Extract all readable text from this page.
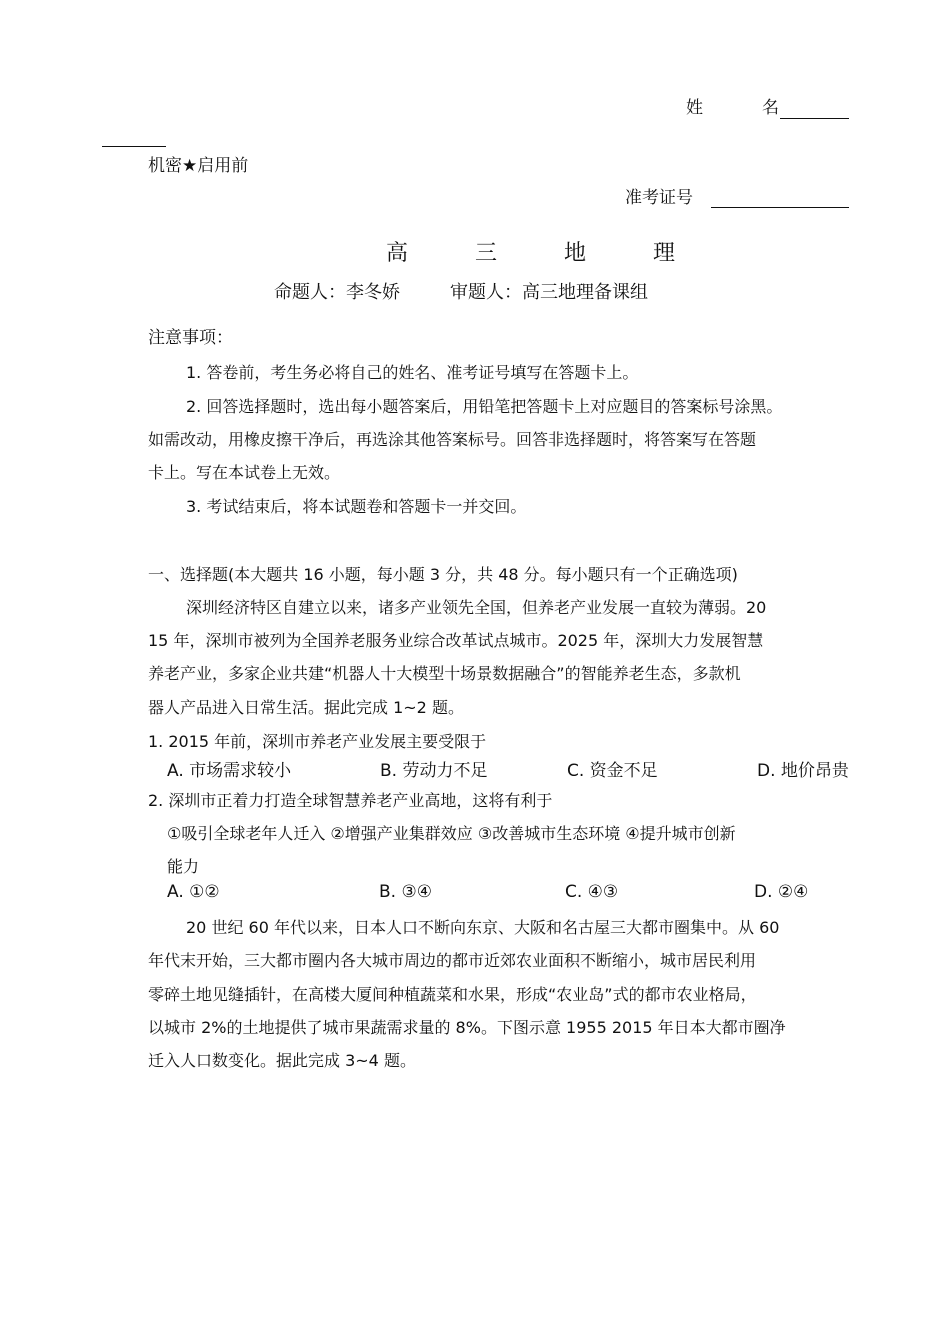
姓	名
机密★启用前
准考证号
高 三 地 理
命题人：李冬娇	审题人：高三地理备课组
注意事项：
1. 答卷前，考生务必将自己的姓名、准考证号填写在答题卡上。
2. 回答选择题时，选出每小题答案后，用铅笔把答题卡上对应题目的答案标号涂黑。
如需改动，用橡皮擦干净后，再选涂其他答案标号。回答非选择题时，将答案写在答题
卡上。写在本试卷上无效。
3. 考试结束后，将本试题卷和答题卡一并交回。
一、选择题(本大题共 16 小题，每小题 3 分，共 48 分。每小题只有一个正确选项)
深圳经济特区自建立以来，诸多产业领先全国，但养老产业发展一直较为薄弱。20
15 年，深圳市被列为全国养老服务业综合改革试点城市。2025 年，深圳大力发展智慧
养老产业，多家企业共建“机器人十大模型十场景数据融合”的智能养老生态，多款机
器人产品进入日常生活。据此完成 1~2 题。
1. 2015 年前，深圳市养老产业发展主要受限于
A. 市场需求较小	B. 劳动力不足	C. 资金不足	D. 地价昂贵
2. 深圳市正着力打造全球智慧养老产业高地，这将有利于
①吸引全球老年人迁入 ②增强产业集群效应 ③改善城市生态环境 ④提升城市创新
能力
A. ①②	B. ③④	C. ④③	D. ②④
20 世纪 60 年代以来，日本人口不断向东京、大阪和名古屋三大都市圈集中。从 60
年代末开始，三大都市圈内各大城市周边的都市近郊农业面积不断缩小，城市居民利用
零碎土地见缝插针，在高楼大厦间种植蔬菜和水果，形成“农业岛”式的都市农业格局，
以城市 2%的土地提供了城市果蔬需求量的 8%。下图示意 1955 2015 年日本大都市圈净
迁入人口数变化。据此完成 3~4 题。
